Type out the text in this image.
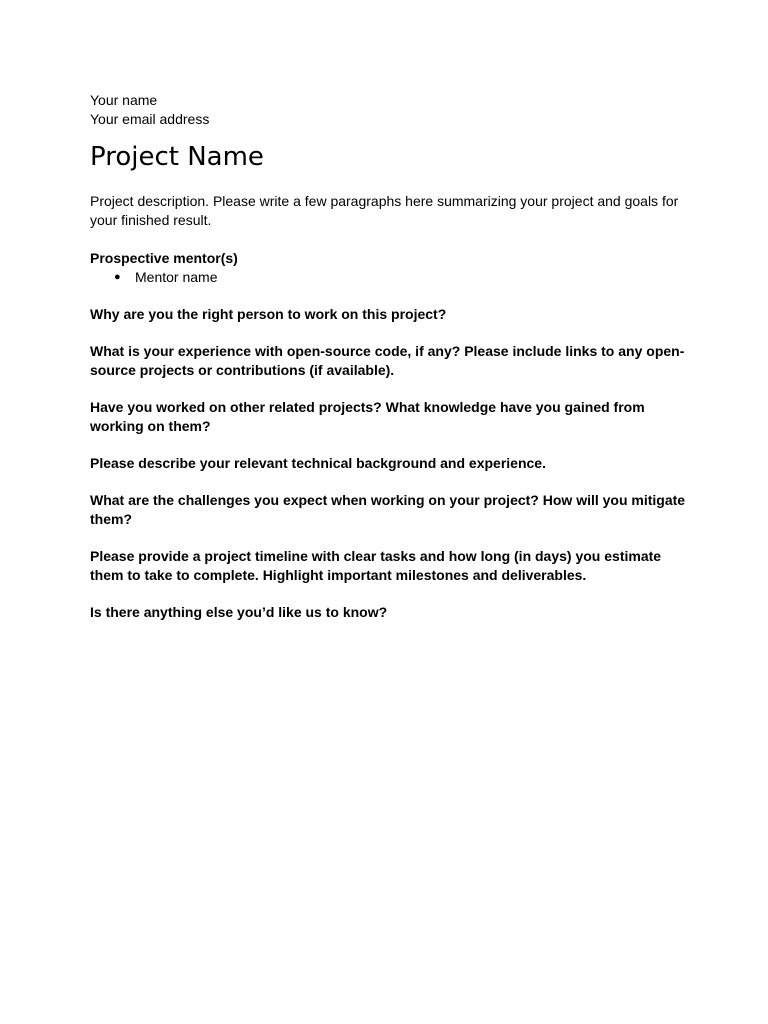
Your name

Your email address

Project Name

Project description. Please write a few paragraphs here summarizing your project and goals for your finished result.

Prospective mentor(s)

● Mentor name

Why are you the right person to work on this project?

What is your experience with open-source code, if any? Please include links to any open-source projects or contributions (if available).

Have you worked on other related projects? What knowledge have you gained from working on them?

Please describe your relevant technical background and experience.

What are the challenges you expect when working on your project? How will you mitigate them?

Please provide a project timeline with clear tasks and how long (in days) you estimate them to take to complete. Highlight important milestones and deliverables.

Is there anything else you’d like us to know?
